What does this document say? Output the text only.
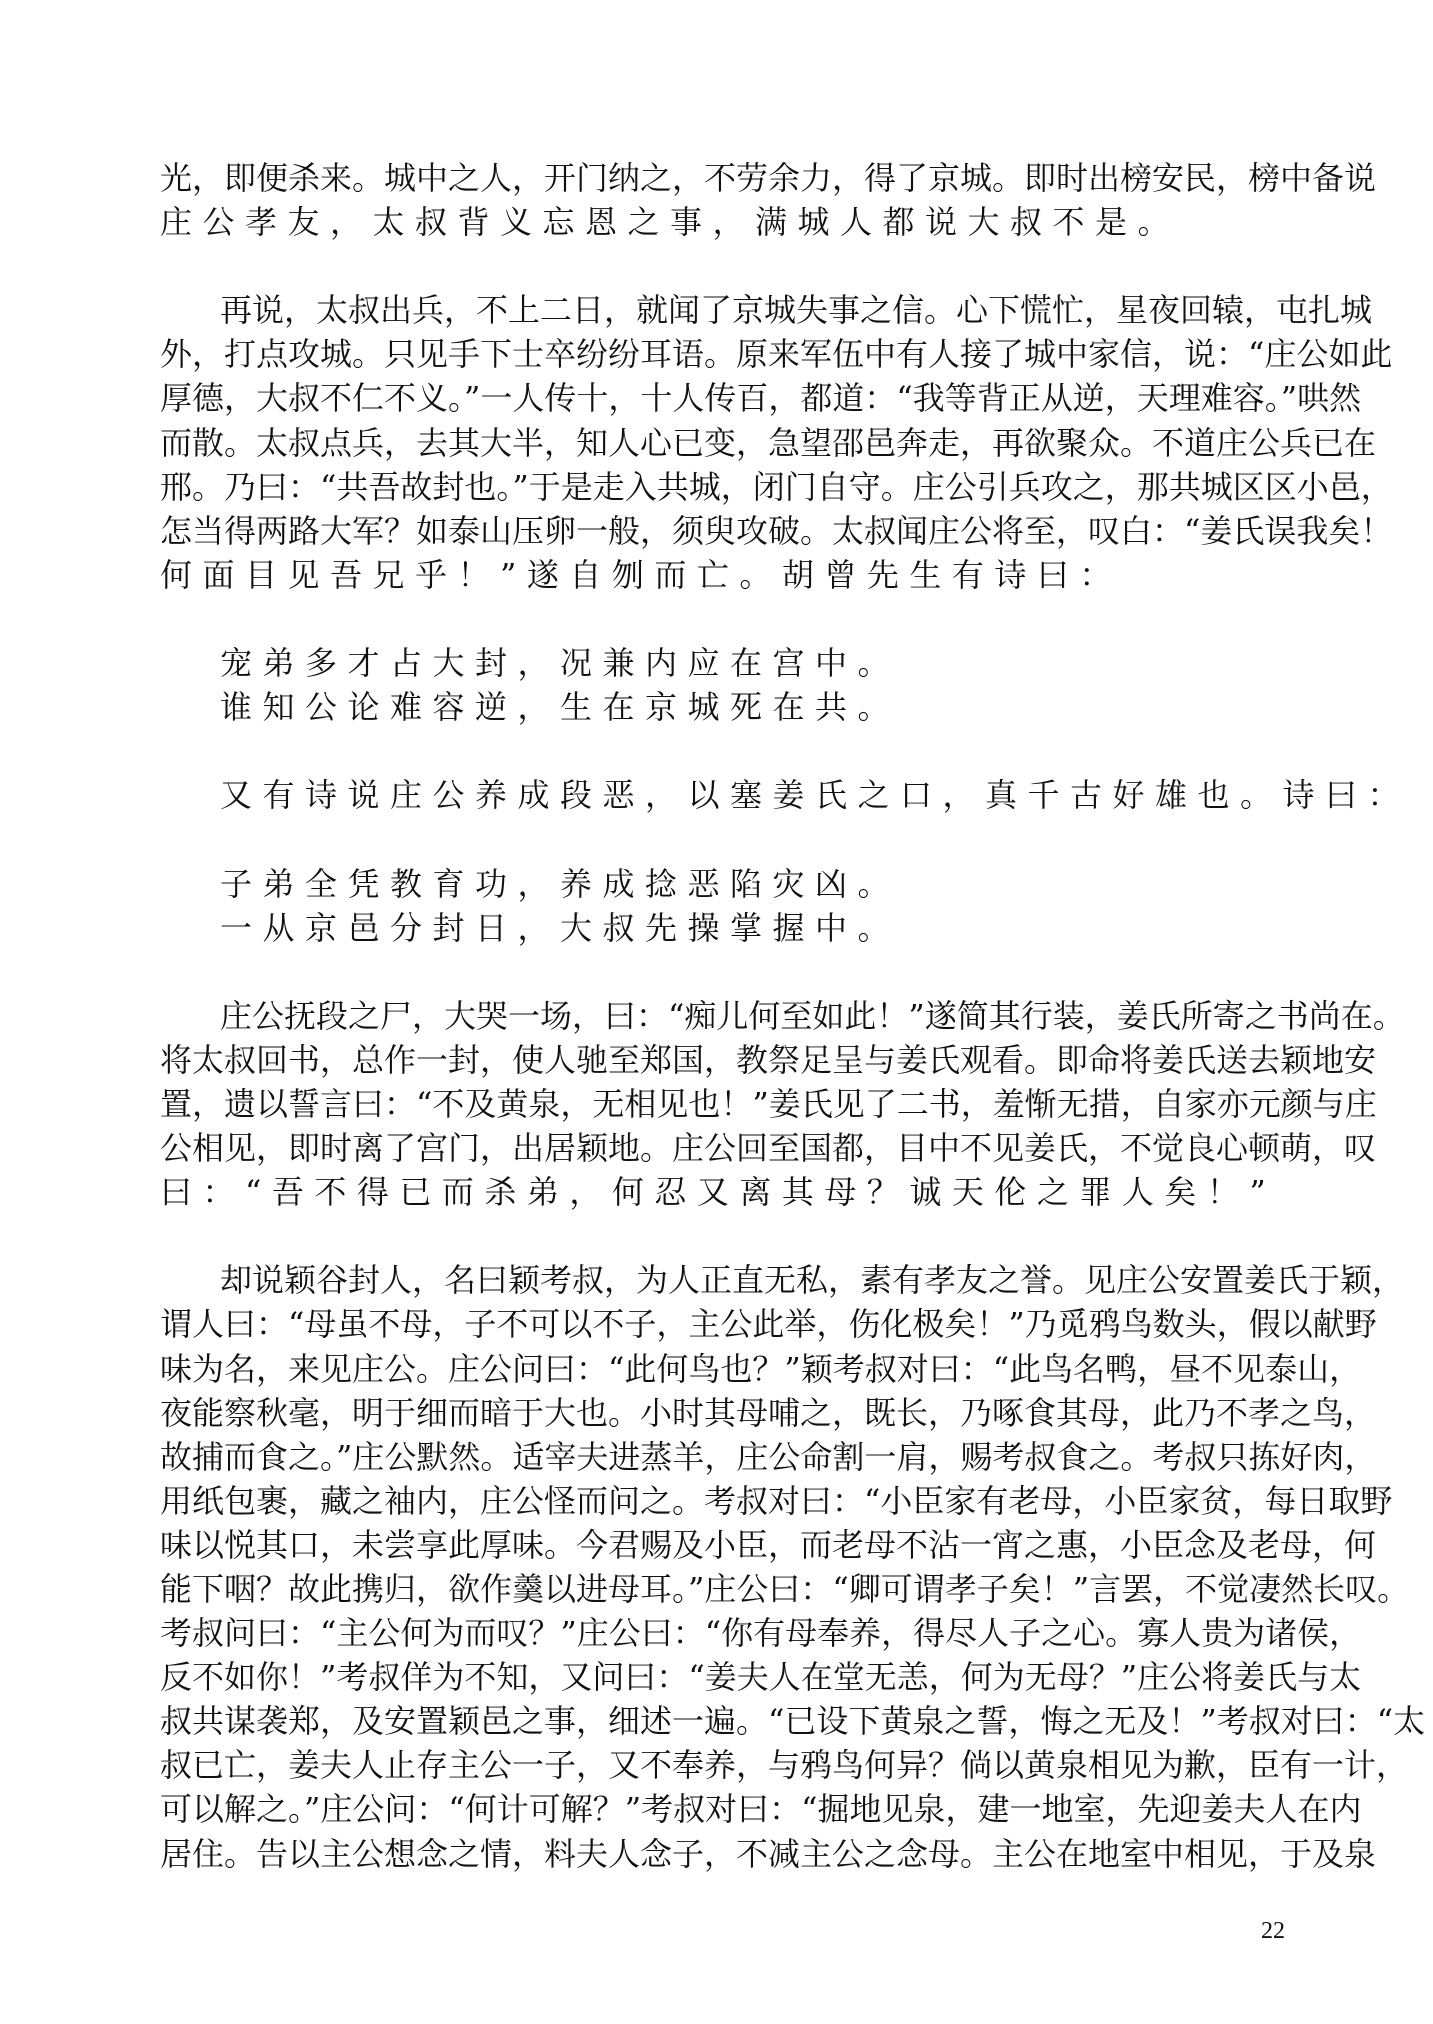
光，即便杀来。城中之人，开门纳之，不劳余力，得了京城。即时出榜安民，榜中备说
庄公孝友，太叔背义忘恩之事，满城人都说大叔不是。
再说，太叔出兵，不上二日，就闻了京城失事之信。心下慌忙，星夜回辕，屯扎城
外，打点攻城。只见手下士卒纷纷耳语。原来军伍中有人接了城中家信，说：“庄公如此
厚德，大叔不仁不义。”一人传十，十人传百，都道：“我等背正从逆，天理难容。”哄然
而散。太叔点兵，去其大半，知人心已变，急望邵邑奔走，再欲聚众。不道庄公兵已在
邢。乃曰：“共吾故封也。”于是走入共城，闭门自守。庄公引兵攻之，那共城区区小邑，
怎当得两路大军？如泰山压卵一般，须臾攻破。太叔闻庄公将至，叹白：“姜氏误我矣！
何面目见吾兄乎！”遂自刎而亡。胡曾先生有诗曰：
宠弟多才占大封，况兼内应在宫中。
谁知公论难容逆，生在京城死在共。
又有诗说庄公养成段恶，以塞姜氏之口，真千古好雄也。诗曰：
子弟全凭教育功，养成捻恶陷灾凶。
一从京邑分封日，大叔先操掌握中。
庄公抚段之尸，大哭一场，曰：“痴儿何至如此！”遂简其行装，姜氏所寄之书尚在。
将太叔回书，总作一封，使人驰至郑国，教祭足呈与姜氏观看。即命将姜氏送去颖地安
置，遗以誓言曰：“不及黄泉，无相见也！”姜氏见了二书，羞惭无措，自家亦元颜与庄
公相见，即时离了宫门，出居颖地。庄公回至国都，目中不见姜氏，不觉良心顿萌，叹
曰：“吾不得已而杀弟，何忍又离其母？诚天伦之罪人矣！”
却说颖谷封人，名曰颖考叔，为人正直无私，素有孝友之誉。见庄公安置姜氏于颖，
谓人曰：“母虽不母，子不可以不子，主公此举，伤化极矣！”乃觅鸦鸟数头，假以献野
味为名，来见庄公。庄公问曰：“此何鸟也？”颖考叔对曰：“此鸟名鸭，昼不见泰山，
夜能察秋毫，明于细而暗于大也。小时其母哺之，既长，乃啄食其母，此乃不孝之鸟，
故捕而食之。”庄公默然。适宰夫进蒸羊，庄公命割一肩，赐考叔食之。考叔只拣好肉，
用纸包裹，藏之袖内，庄公怪而问之。考叔对曰：“小臣家有老母，小臣家贫，每日取野
味以悦其口，未尝享此厚味。今君赐及小臣，而老母不沾一宵之惠，小臣念及老母，何
能下咽？故此携归，欲作羹以进母耳。”庄公曰：“卿可谓孝子矣！”言罢，不觉凄然长叹。
考叔问曰：“主公何为而叹？”庄公曰：“你有母奉养，得尽人子之心。寡人贵为诸侯，
反不如你！”考叔佯为不知，又问曰：“姜夫人在堂无恙，何为无母？”庄公将姜氏与太
叔共谋袭郑，及安置颖邑之事，细述一遍。“已设下黄泉之誓，悔之无及！”考叔对曰：“太
叔已亡，姜夫人止存主公一子，又不奉养，与鸦鸟何异？倘以黄泉相见为歉，臣有一计，
可以解之。”庄公问：“何计可解？”考叔对曰：“掘地见泉，建一地室，先迎姜夫人在内
居住。告以主公想念之情，料夫人念子，不减主公之念母。主公在地室中相见，于及泉
22
